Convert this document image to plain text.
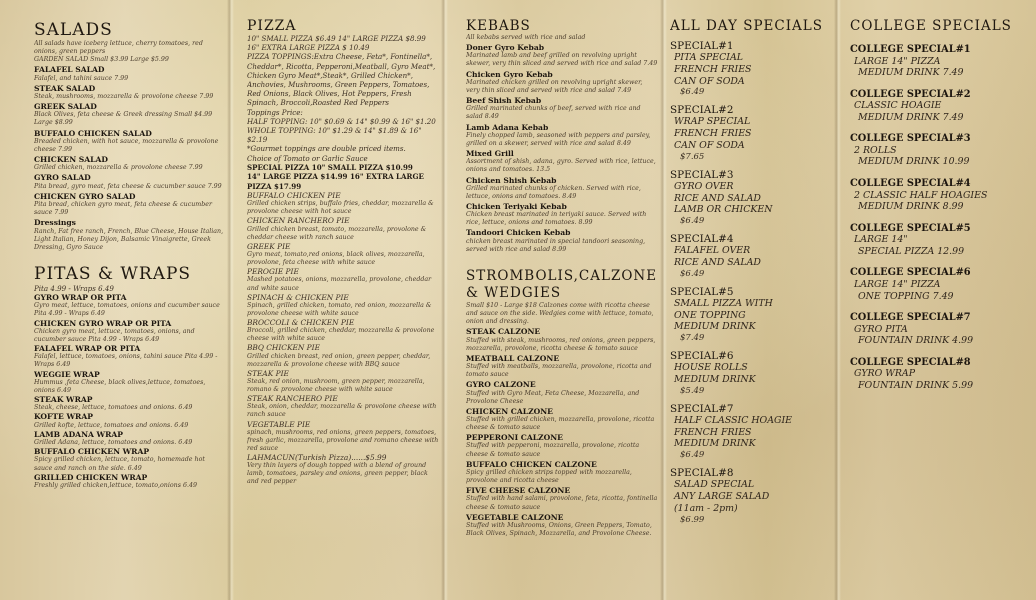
SALADS
All salads have iceberg lettuce, cherry tomatoes, red onions, green peppers
GARDEN SALAD Small $3.99 Large $5.99
FALAFEL SALAD
Falafel, and tahini sauce 7.99
STEAK SALAD
Steak, mushrooms, mozzarella & provolone cheese 7.99
GREEK SALAD
Black Olives, feta cheese & Greek dressing Small $4.99 Large $8.99
BUFFALO CHICKEN SALAD
Breaded chicken, with hot sauce, mozzarella & provolone cheese 7.99
CHICKEN SALAD
Grilled chicken, mozzarella & provolone cheese 7.99
GYRO SALAD
Pita bread, gyro meat, feta cheese & cucumber sauce 7.99
CHICKEN GYRO SALAD
Pita bread, chicken gyro meat, feta cheese & cucumber sauce 7.99
Dressings
Ranch, Fat free ranch, French, Blue Cheese, House Italian, Light Italian, Honey Dijon, Balsamic Vinaigrette, Greek Dressing, Gyro Sauce
PITAS & WRAPS
Pita 4.99 - Wraps 6.49
GYRO WRAP OR PITA
Gyro meat, lettuce, tomatoes, onions and cucumber sauce Pita 4.99 - Wraps 6.49
CHICKEN GYRO WRAP OR PITA
Chicken gyro meat, lettuce, tomatoes, onions, and cucumber sauce Pita 4.99 - Wraps 6.49
FALAFEL WRAP OR PITA
Falafel, lettuce, tomatoes, onions, tahini sauce Pita 4.99 - Wraps 6.49
WEGGIE WRAP
Hummus ,feta Cheese, black olives,lettuce, tomatoes, onions 6.49
STEAK WRAP
Steak, cheese, lettuce, tomatoes and onions. 6.49
KOFTE WRAP
Grilled kofte, lettuce, tomatoes and onions. 6.49
LAMB ADANA WRAP
Grilled Adana, lettuce, tomatoes and onions. 6.49
BUFFALO CHICKEN WRAP
Spicy grilled chicken, lettuce, tomato, homemade hot sauce and ranch on the side. 6.49
GRILLED CHICKEN WRAP
Freshly grilled chicken,lettuce, tomato,onions 6.49
PIZZA
10" SMALL PIZZA $6.49 14" LARGE PIZZA $8.99
16" EXTRA LARGE PIZZA $ 10.49
PIZZA TOPPINGS:Extra Cheese, Feta*, Fontinella*, Cheddar*, Ricotta, Pepperoni,Meatball, Gyro Meat*, Chicken Gyro Meat*,Steak*, Grilled Chicken*, Anchovies, Mushrooms, Green Peppers, Tomatoes, Red Onions, Black Olives, Hot Peppers, Fresh Spinach, Broccoli,Roasted Red Peppers
Toppings Price:
HALF TOPPING: 10" $0.69 & 14" $0.99 & 16" $1.20
WHOLE TOPPING: 10" $1.29 & 14" $1.89 & 16" $2.19
*Gourmet toppings are double priced items.
Choice of Tomato or Garlic Sauce
SPECIAL PIZZA 10" SMALL PIZZA $10.99
14" LARGE PIZZA $14.99 16" EXTRA LARGE PIZZA $17.99
BUFFALO CHICKEN PIE
Grilled chicken strips, buffalo fries, cheddar, mozzarella & provolone cheese with hot sauce
CHICKEN RANCHERO PIE
Grilled chicken breast, tomato, mozzarella, provolone & cheddar cheese with ranch sauce
GREEK PIE
Gyro meat, tomato,red onions, black olives, mozzarella, provolone, feta cheese with white sauce
PEROGIE PIE
Mashed potatoes, onions, mozzarella, provolone, cheddar and white sauce
SPINACH & CHICKEN PIE
Spinach, grilled chicken, tomato, red onion, mozzarella & provolone cheese with white sauce
BROCCOLI & CHICKEN PIE
Broccoli, grilled chicken, cheddar, mozzarella & provolone cheese with white sauce
BBQ CHICKEN PIE
Grilled chicken breast, red onion, green pepper, cheddar, mozzarella & provolone cheese with BBQ sauce
STEAK PIE
Steak, red onion, mushroom, green pepper, mozzarella, romano & provolone cheese with white sauce
STEAK RANCHERO PIE
Steak, onion, cheddar, mozzarella & provolone cheese with ranch sauce
VEGETABLE PIE
spinach, mushrooms, red onions, green peppers, tomatoes, fresh garlic, mozzarella, provolone and romano cheese with red sauce
LAHMACUN(Turkish Pizza)......$5.99
Very thin layers of dough topped with a blend of ground lamb, tomatoes, parsley and onions, green pepper, black and red pepper
KEBABS
All kebabs served with rice and salad
Doner Gyro Kebab
Marinated lamb and beef grilled on revolving upright skewer, very thin sliced and served with rice and salad 7.49
Chicken Gyro Kebab
Marinated chicken grilled on revolving upright skewer, very thin sliced and served with rice and salad 7.49
Beef Shish Kebab
Grilled marinated chunks of beef, served with rice and salad 8.49
Lamb Adana Kebab
Finely chopped lamb, seasoned with peppers and parsley, grilled on a skewer, served with rice and salad 8.49
Mixed Grill
Assortment of shish, adana, gyro. Served with rice, lettuce, onions and tomatoes. 13.5
Chicken Shish Kebab
Grilled marinated chunks of chicken. Served with rice, lettuce, onions and tomatoes. 8.49
Chicken Teriyaki Kebab
Chicken breast marinated in teriyaki sauce. Served with rice, lettuce, onions and tomatoes. 8.99
Tandoori Chicken Kebab
chicken breast marinated in special tandoori seasoning, served with rice and salad 8.99
STROMBOLIS,CALZONE & WEDGIES
Small $10 - Large $18 Calzones come with ricotta cheese and sauce on the side. Wedgies come with lettuce, tomato, onion and dressing.
STEAK CALZONE
Stuffed with steak, mushrooms, red onions, green peppers, mozzarella, provolone, ricotta cheese & tomato sauce
MEATBALL CALZONE
Stuffed with meatballs, mozzarella, provolone, ricotta and tomato sauce
GYRO CALZONE
Stuffed with Gyro Meat, Feta Cheese, Mozzarella, and Provolone Cheese
CHICKEN CALZONE
Stuffed with grilled chicken, mozzarella, provolone, ricotta cheese & tomato sauce
PEPPERONI CALZONE
Stuffed with pepperoni, mozzarella, provolone, ricotta cheese & tomato sauce
BUFFALO CHICKEN CALZONE
Spicy grilled chicken strips topped with mozzarella, provolone and ricotta cheese
FIVE CHEESE CALZONE
Stuffed with hand salami, provolone, feta, ricotta, fontinella cheese & tomato sauce
VEGETABLE CALZONE
Stuffed with Mushrooms, Onions, Green Peppers, Tomato, Black Olives, Spinach, Mozzarella, and Provolone Cheese.
ALL DAY SPECIALS
SPECIAL#1
PITA SPECIAL
FRENCH FRIES
CAN OF SODA
$6.49
SPECIAL#2
WRAP SPECIAL
FRENCH FRIES
CAN OF SODA
$7.65
SPECIAL#3
GYRO OVER
RICE AND SALAD
LAMB OR CHICKEN
$6.49
SPECIAL#4
FALAFEL OVER
RICE AND SALAD
$6.49
SPECIAL#5
SMALL PIZZA WITH
ONE TOPPING
MEDIUM DRINK
$7.49
SPECIAL#6
HOUSE ROLLS
MEDIUM DRINK
$5.49
SPECIAL#7
HALF CLASSIC HOAGIE
FRENCH FRIES
MEDIUM DRINK
$6.49
SPECIAL#8
SALAD SPECIAL
ANY LARGE SALAD
(11am - 2pm)
$6.99
COLLEGE SPECIALS
COLLEGE SPECIAL#1
LARGE 14" PIZZA
MEDIUM DRINK 7.49
COLLEGE SPECIAL#2
CLASSIC HOAGIE
MEDIUM DRINK 7.49
COLLEGE SPECIAL#3
2 ROLLS
MEDIUM DRINK 10.99
COLLEGE SPECIAL#4
2 CLASSIC HALF HOAGIES
MEDIUM DRINK 8.99
COLLEGE SPECIAL#5
LARGE 14"
SPECIAL PIZZA 12.99
COLLEGE SPECIAL#6
LARGE 14" PIZZA
ONE TOPPING 7.49
COLLEGE SPECIAL#7
GYRO PITA
FOUNTAIN DRINK 4.99
COLLEGE SPECIAL#8
GYRO WRAP
FOUNTAIN DRINK 5.99
